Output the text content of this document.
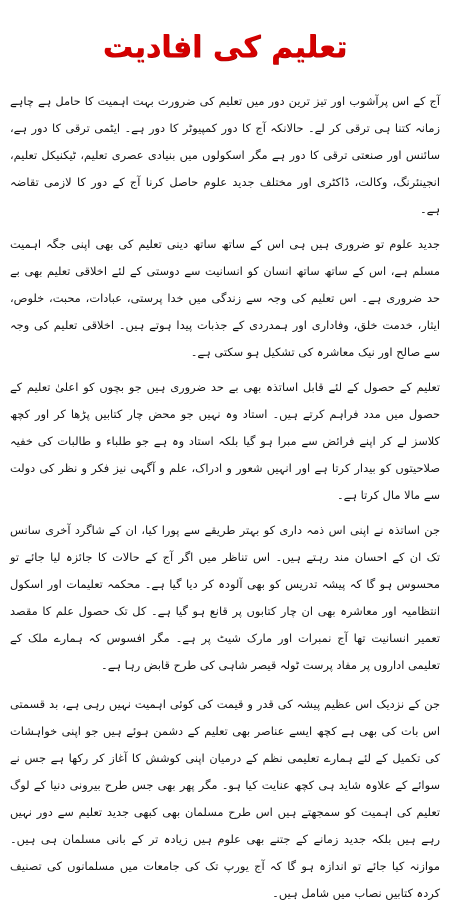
تعلیم کی افادیت

آج کے اس پرآشوب اور تیز ترین دور میں تعلیم کی ضرورت بہت اہمیت کا حامل ہے چاہے زمانہ کتنا ہی ترقی کر لے۔ حالانکہ آج کا دور کمپیوٹر کا دور ہے۔ ایٹمی ترقی کا دور ہے، سائنس اور صنعتی ترقی کا دور ہے مگر اسکولوں میں بنیادی عصری تعلیم، ٹیکنیکل تعلیم، انجینئرنگ، وکالت، ڈاکٹری اور مختلف جدید علوم حاصل کرنا آج کے دور کا لازمی تقاضہ ہے۔

جدید علوم تو ضروری ہیں ہی اس کے ساتھ ساتھ دینی تعلیم کی بھی اپنی جگہ اہمیت مسلم ہے، اس کے ساتھ ساتھ انسان کو انسانیت سے دوستی کے لئے اخلاقی تعلیم بھی بے حد ضروری ہے۔ اس تعلیم کی وجہ سے زندگی میں خدا پرستی، عبادات، محبت، خلوص، ایثار، خدمت خلق، وفاداری اور ہمدردی کے جذبات پیدا ہوتے ہیں۔ اخلاقی تعلیم کی وجہ سے صالح اور نیک معاشرہ کی تشکیل ہو سکتی ہے۔

تعلیم کے حصول کے لئے قابل اساتذہ بھی بے حد ضروری ہیں جو بچوں کو اعلیٰ تعلیم کے حصول میں مدد فراہم کرتے ہیں۔ استاد وہ نہیں جو محض چار کتابیں پڑھا کر اور کچھ کلاسز لے کر اپنے فرائض سے مبرا ہو گیا بلکہ استاد وہ ہے جو طلباء و طالبات کی خفیہ صلاحیتوں کو بیدار کرتا ہے اور انہیں شعور و ادراک، علم و آگہی نیز فکر و نظر کی دولت سے مالا مال کرتا ہے۔

جن اساتذہ نے اپنی اس ذمہ داری کو بہتر طریقے سے پورا کیا، ان کے شاگرد آخری سانس تک ان کے احسان مند رہتے ہیں۔ اس تناظر میں اگر آج کے حالات کا جائزہ لیا جائے تو محسوس ہو گا کہ پیشہ تدریس کو بھی آلودہ کر دیا گیا ہے۔ محکمہ تعلیمات اور اسکول انتظامیہ اور معاشرہ بھی ان چار کتابوں پر قانع ہو گیا ہے۔ کل تک حصول علم کا مقصد تعمیر انسانیت تھا آج نمبرات اور مارک شیٹ پر ہے۔ مگر افسوس کہ ہمارے ملک کے تعلیمی اداروں پر مفاد پرست ٹولہ قیصر شاہی کی طرح قابض رہا ہے۔

جن کے نزدیک اس عظیم پیشہ کی قدر و قیمت کی کوئی اہمیت نہیں رہی ہے، بد قسمتی اس بات کی بھی ہے کچھ ایسے عناصر بھی تعلیم کے دشمن ہوئے ہیں جو اپنی خواہشات کی تکمیل کے لئے ہمارے تعلیمی نظم کے درمیان اپنی کوشش کا آغاز کر رکھا ہے جس نے سوائے کے علاوہ شاید ہی کچھ عنایت کیا ہو۔ مگر پھر بھی جس طرح بیرونی دنیا کے لوگ تعلیم کی اہمیت کو سمجھتے ہیں اس طرح مسلمان بھی کبھی جدید تعلیم سے دور نہیں رہے ہیں بلکہ جدید زمانے کے جتنے بھی علوم ہیں زیادہ تر کے بانی مسلمان ہی ہیں۔ موازنہ کیا جائے تو اندازہ ہو گا کہ آج یورپ تک کی جامعات میں مسلمانوں کی تصنیف کردہ کتابیں نصاب میں شامل ہیں۔
